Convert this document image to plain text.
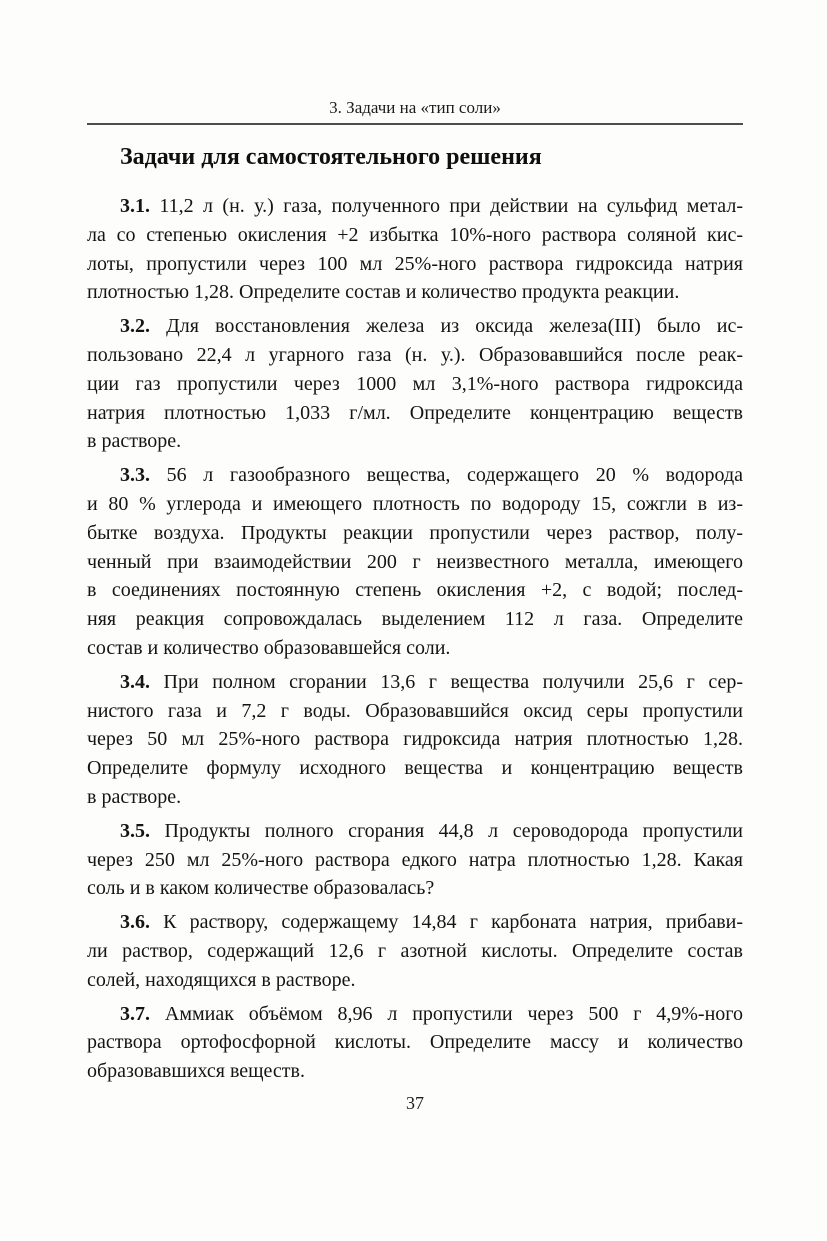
3. Задачи на «тип соли»
Задачи для самостоятельного решения

3.1. 11,2 л (н. у.) газа, полученного при действии на сульфид метал-
ла со степенью окисления +2 избытка 10%-ного раствора соляной кис-
лоты, пропустили через 100 мл 25%-ного раствора гидроксида натрия
плотностью 1,28. Определите состав и количество продукта реакции.

3.2. Для восстановления железа из оксида железа(III) было ис-
пользовано 22,4 л угарного газа (н. у.). Образовавшийся после реак-
ции газ пропустили через 1000 мл 3,1%-ного раствора гидроксида
натрия плотностью 1,033 г/мл. Определите концентрацию веществ
в растворе.

3.3. 56 л газообразного вещества, содержащего 20 % водорода
и 80 % углерода и имеющего плотность по водороду 15, сожгли в из-
бытке воздуха. Продукты реакции пропустили через раствор, полу-
ченный при взаимодействии 200 г неизвестного металла, имеющего
в соединениях постоянную степень окисления +2, с водой; послед-
няя реакция сопровождалась выделением 112 л газа. Определите
состав и количество образовавшейся соли.

3.4. При полном сгорании 13,6 г вещества получили 25,6 г сер-
нистого газа и 7,2 г воды. Образовавшийся оксид серы пропустили
через 50 мл 25%-ного раствора гидроксида натрия плотностью 1,28.
Определите формулу исходного вещества и концентрацию веществ
в растворе.

3.5. Продукты полного сгорания 44,8 л сероводорода пропустили
через 250 мл 25%-ного раствора едкого натра плотностью 1,28. Какая
соль и в каком количестве образовалась?

3.6. К раствору, содержащему 14,84 г карбоната натрия, прибави-
ли раствор, содержащий 12,6 г азотной кислоты. Определите состав
солей, находящихся в растворе.

3.7. Аммиак объёмом 8,96 л пропустили через 500 г 4,9%-ного
раствора ортофосфорной кислоты. Определите массу и количество
образовавшихся веществ.

37
